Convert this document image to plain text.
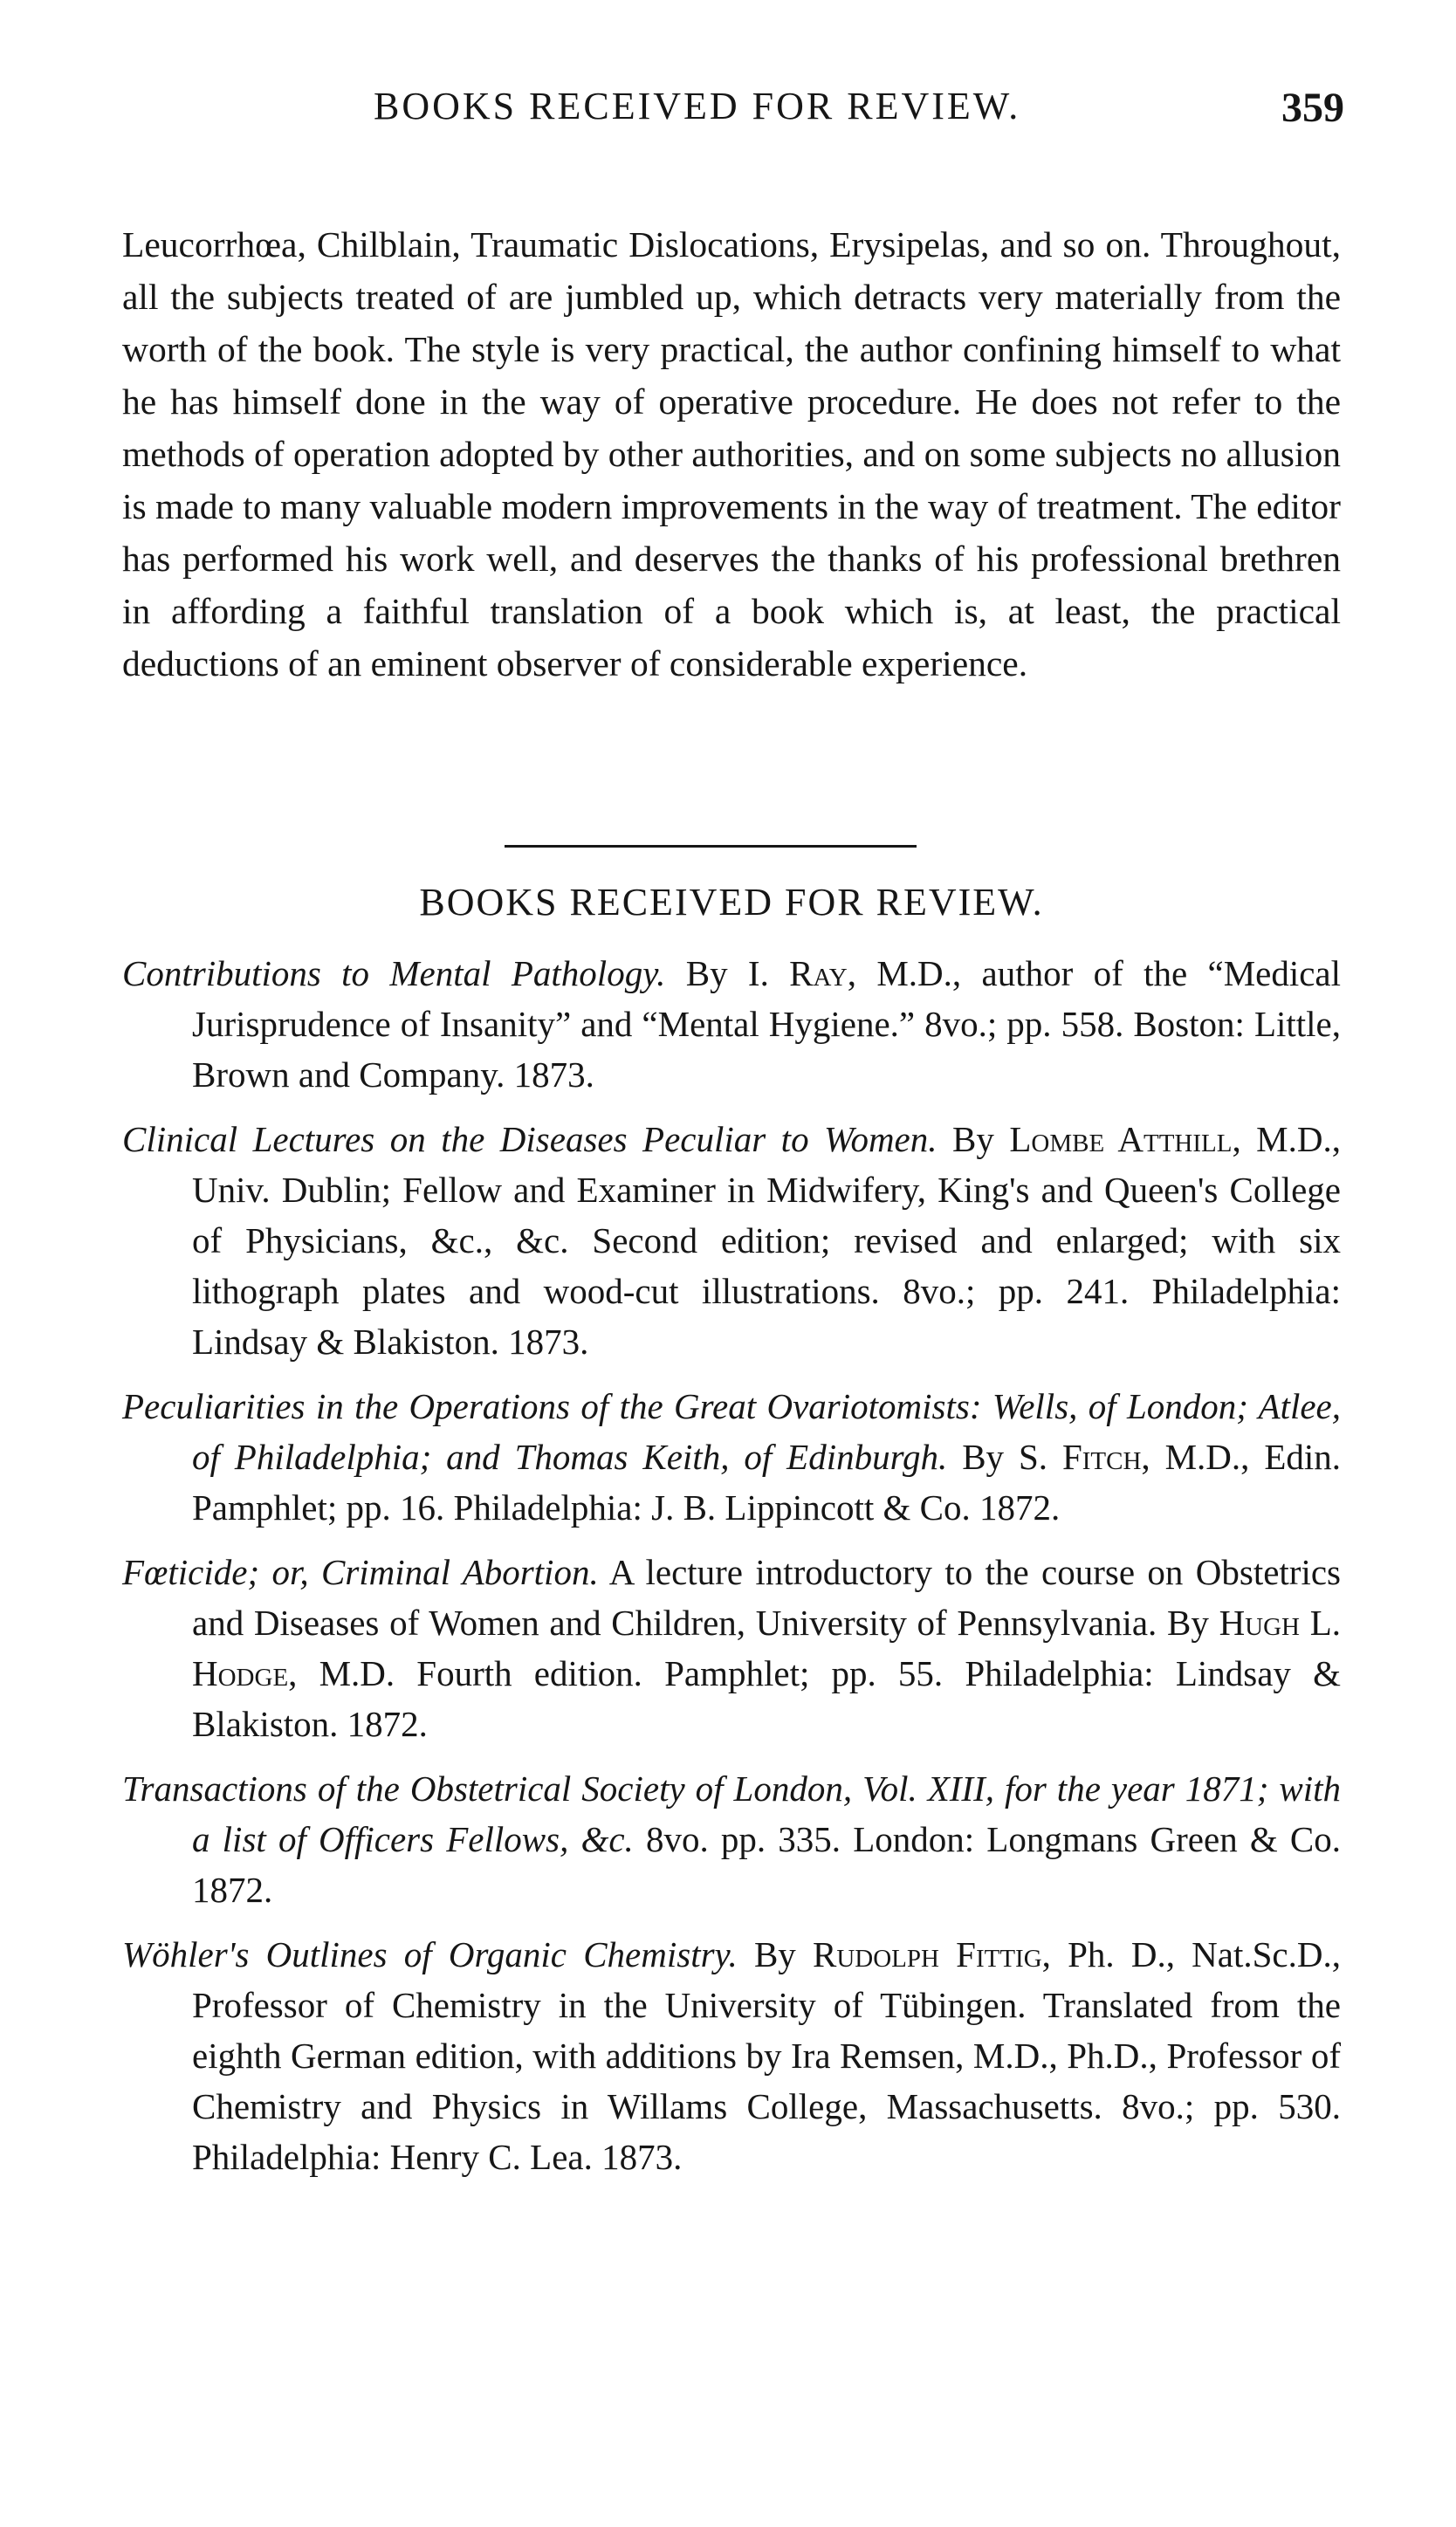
BOOKS RECEIVED FOR REVIEW.	359

Leucorrhœa, Chilblain, Traumatic Dislocations, Erysipelas, and so on. Throughout, all the subjects treated of are jumbled up, which detracts very materially from the worth of the book. The style is very practical, the author confining himself to what he has himself done in the way of operative procedure. He does not refer to the methods of operation adopted by other authorities, and on some subjects no allusion is made to many valuable modern improvements in the way of treatment. The editor has performed his work well, and deserves the thanks of his professional brethren in affording a faithful translation of a book which is, at least, the practical deductions of an eminent observer of considerable experience.

BOOKS RECEIVED FOR REVIEW.

Contributions to Mental Pathology. By I. Ray, M.D., author of the “Medical Jurisprudence of Insanity” and “Mental Hygiene.” 8vo.; pp. 558. Boston: Little, Brown and Company. 1873.

Clinical Lectures on the Diseases Peculiar to Women. By Lombe Atthill, M.D., Univ. Dublin; Fellow and Examiner in Midwifery, King's and Queen's College of Physicians, &c., &c. Second edition; revised and enlarged; with six lithograph plates and wood-cut illustrations. 8vo.; pp. 241. Philadelphia: Lindsay & Blakiston. 1873.

Peculiarities in the Operations of the Great Ovariotomists: Wells, of London; Atlee, of Philadelphia; and Thomas Keith, of Edinburgh. By S. Fitch, M.D., Edin. Pamphlet; pp. 16. Philadelphia: J. B. Lippincott & Co. 1872.

Fœticide; or, Criminal Abortion. A lecture introductory to the course on Obstetrics and Diseases of Women and Children, University of Pennsylvania. By Hugh L. Hodge, M.D. Fourth edition. Pamphlet; pp. 55. Philadelphia: Lindsay & Blakiston. 1872.

Transactions of the Obstetrical Society of London, Vol. XIII, for the year 1871; with a list of Officers Fellows, &c. 8vo. pp. 335. London: Longmans Green & Co. 1872.

Wöhler's Outlines of Organic Chemistry. By Rudolph Fittig, Ph. D., Nat.Sc.D., Professor of Chemistry in the University of Tübingen. Translated from the eighth German edition, with additions by Ira Remsen, M.D., Ph.D., Professor of Chemistry and Physics in Willams College, Massachusetts. 8vo.; pp. 530. Philadelphia: Henry C. Lea. 1873.
